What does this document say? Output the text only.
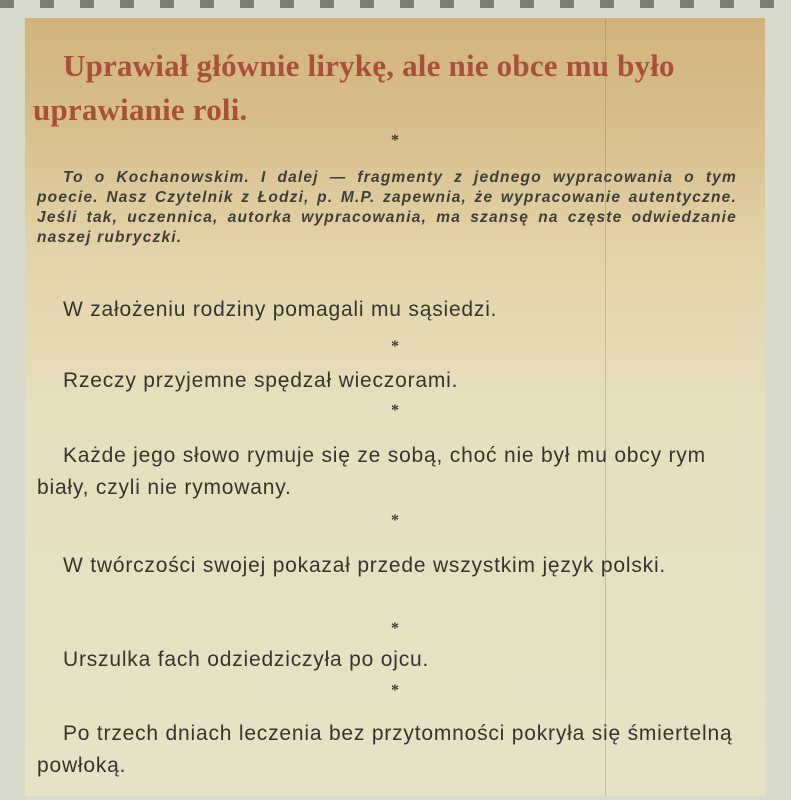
Uprawiał głównie lirykę, ale nie obce mu było uprawianie roli.
*
To o Kochanowskim. I dalej — fragmenty z jednego wypracowania o tym poecie. Nasz Czytelnik z Łodzi, p. M.P. zapewnia, że wypracowanie autentyczne. Jeśli tak, uczennica, autorka wypracowania, ma szansę na częste odwiedzanie naszej rubryczki.
W założeniu rodziny pomagali mu sąsiedzi.
*
Rzeczy przyjemne spędzał wieczorami.
*
Każde jego słowo rymuje się ze sobą, choć nie był mu obcy rym biały, czyli nie rymowany.
*
W twórczości swojej pokazał przede wszystkim język polski.
*
Urszulka fach odziedziczyła po ojcu.
*
Po trzech dniach leczenia bez przytomności pokryła się śmiertelną powłoką.
